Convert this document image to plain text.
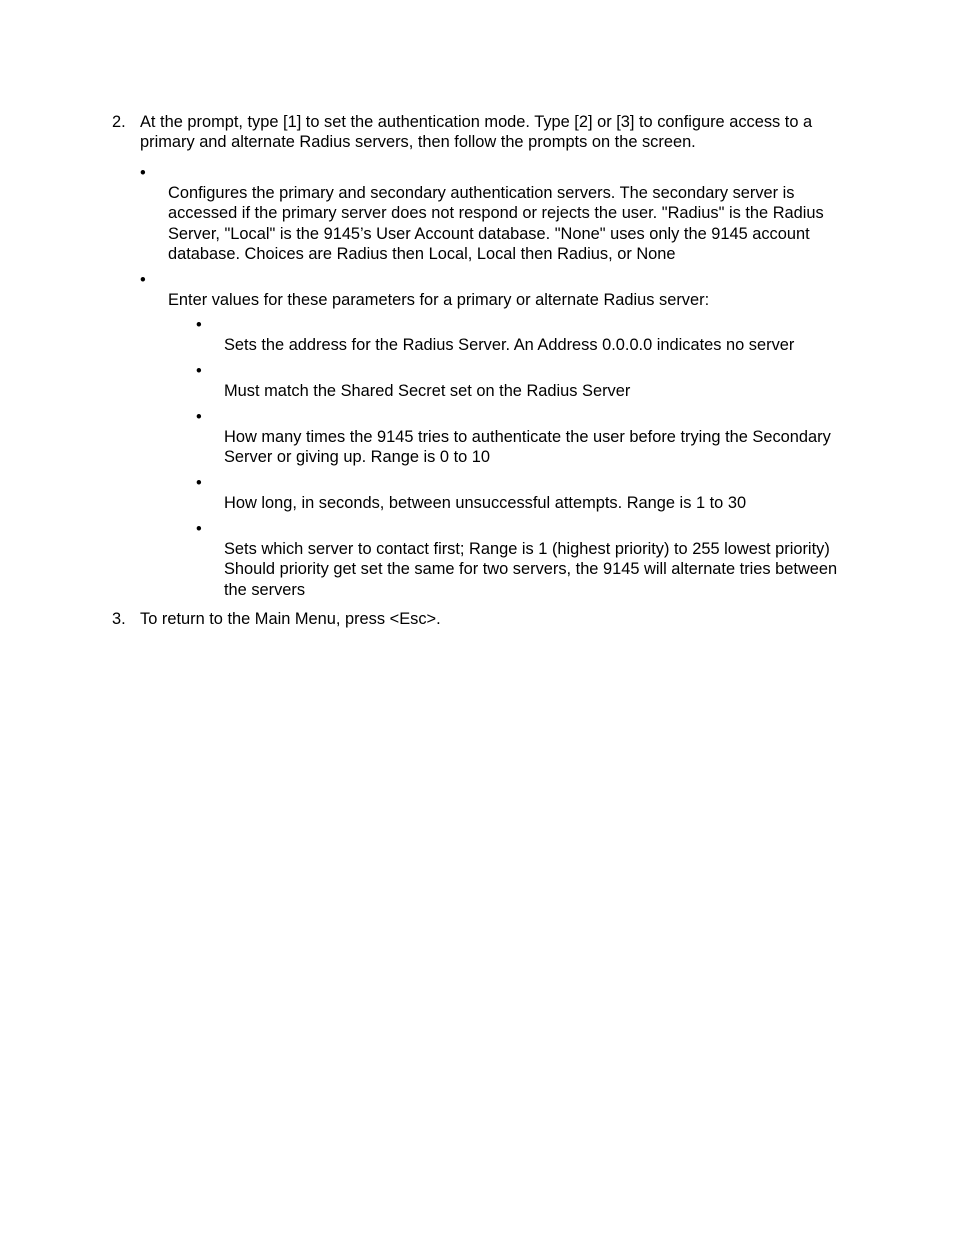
2. At the prompt, type [1] to set the authentication mode. Type [2] or [3] to configure access to a primary and alternate Radius servers, then follow the prompts on the screen.

•

Configures the primary and secondary authentication servers. The secondary server is accessed if the primary server does not respond or rejects the user. "Radius" is the Radius Server, "Local" is the 9145’s User Account database. "None" uses only the 9145 account database. Choices are Radius then Local, Local then Radius, or None

•

Enter values for these parameters for a primary or alternate Radius server:

•

Sets the address for the Radius Server. An Address 0.0.0.0 indicates no server

•

Must match the Shared Secret set on the Radius Server

•

How many times the 9145 tries to authenticate the user before trying the Secondary Server or giving up. Range is 0 to 10

•

How long, in seconds, between unsuccessful attempts. Range is 1 to 30

•

Sets which server to contact first; Range is 1 (highest priority) to 255 lowest priority) Should priority get set the same for two servers, the 9145 will alternate tries between the servers

3. To return to the Main Menu, press <Esc>.
